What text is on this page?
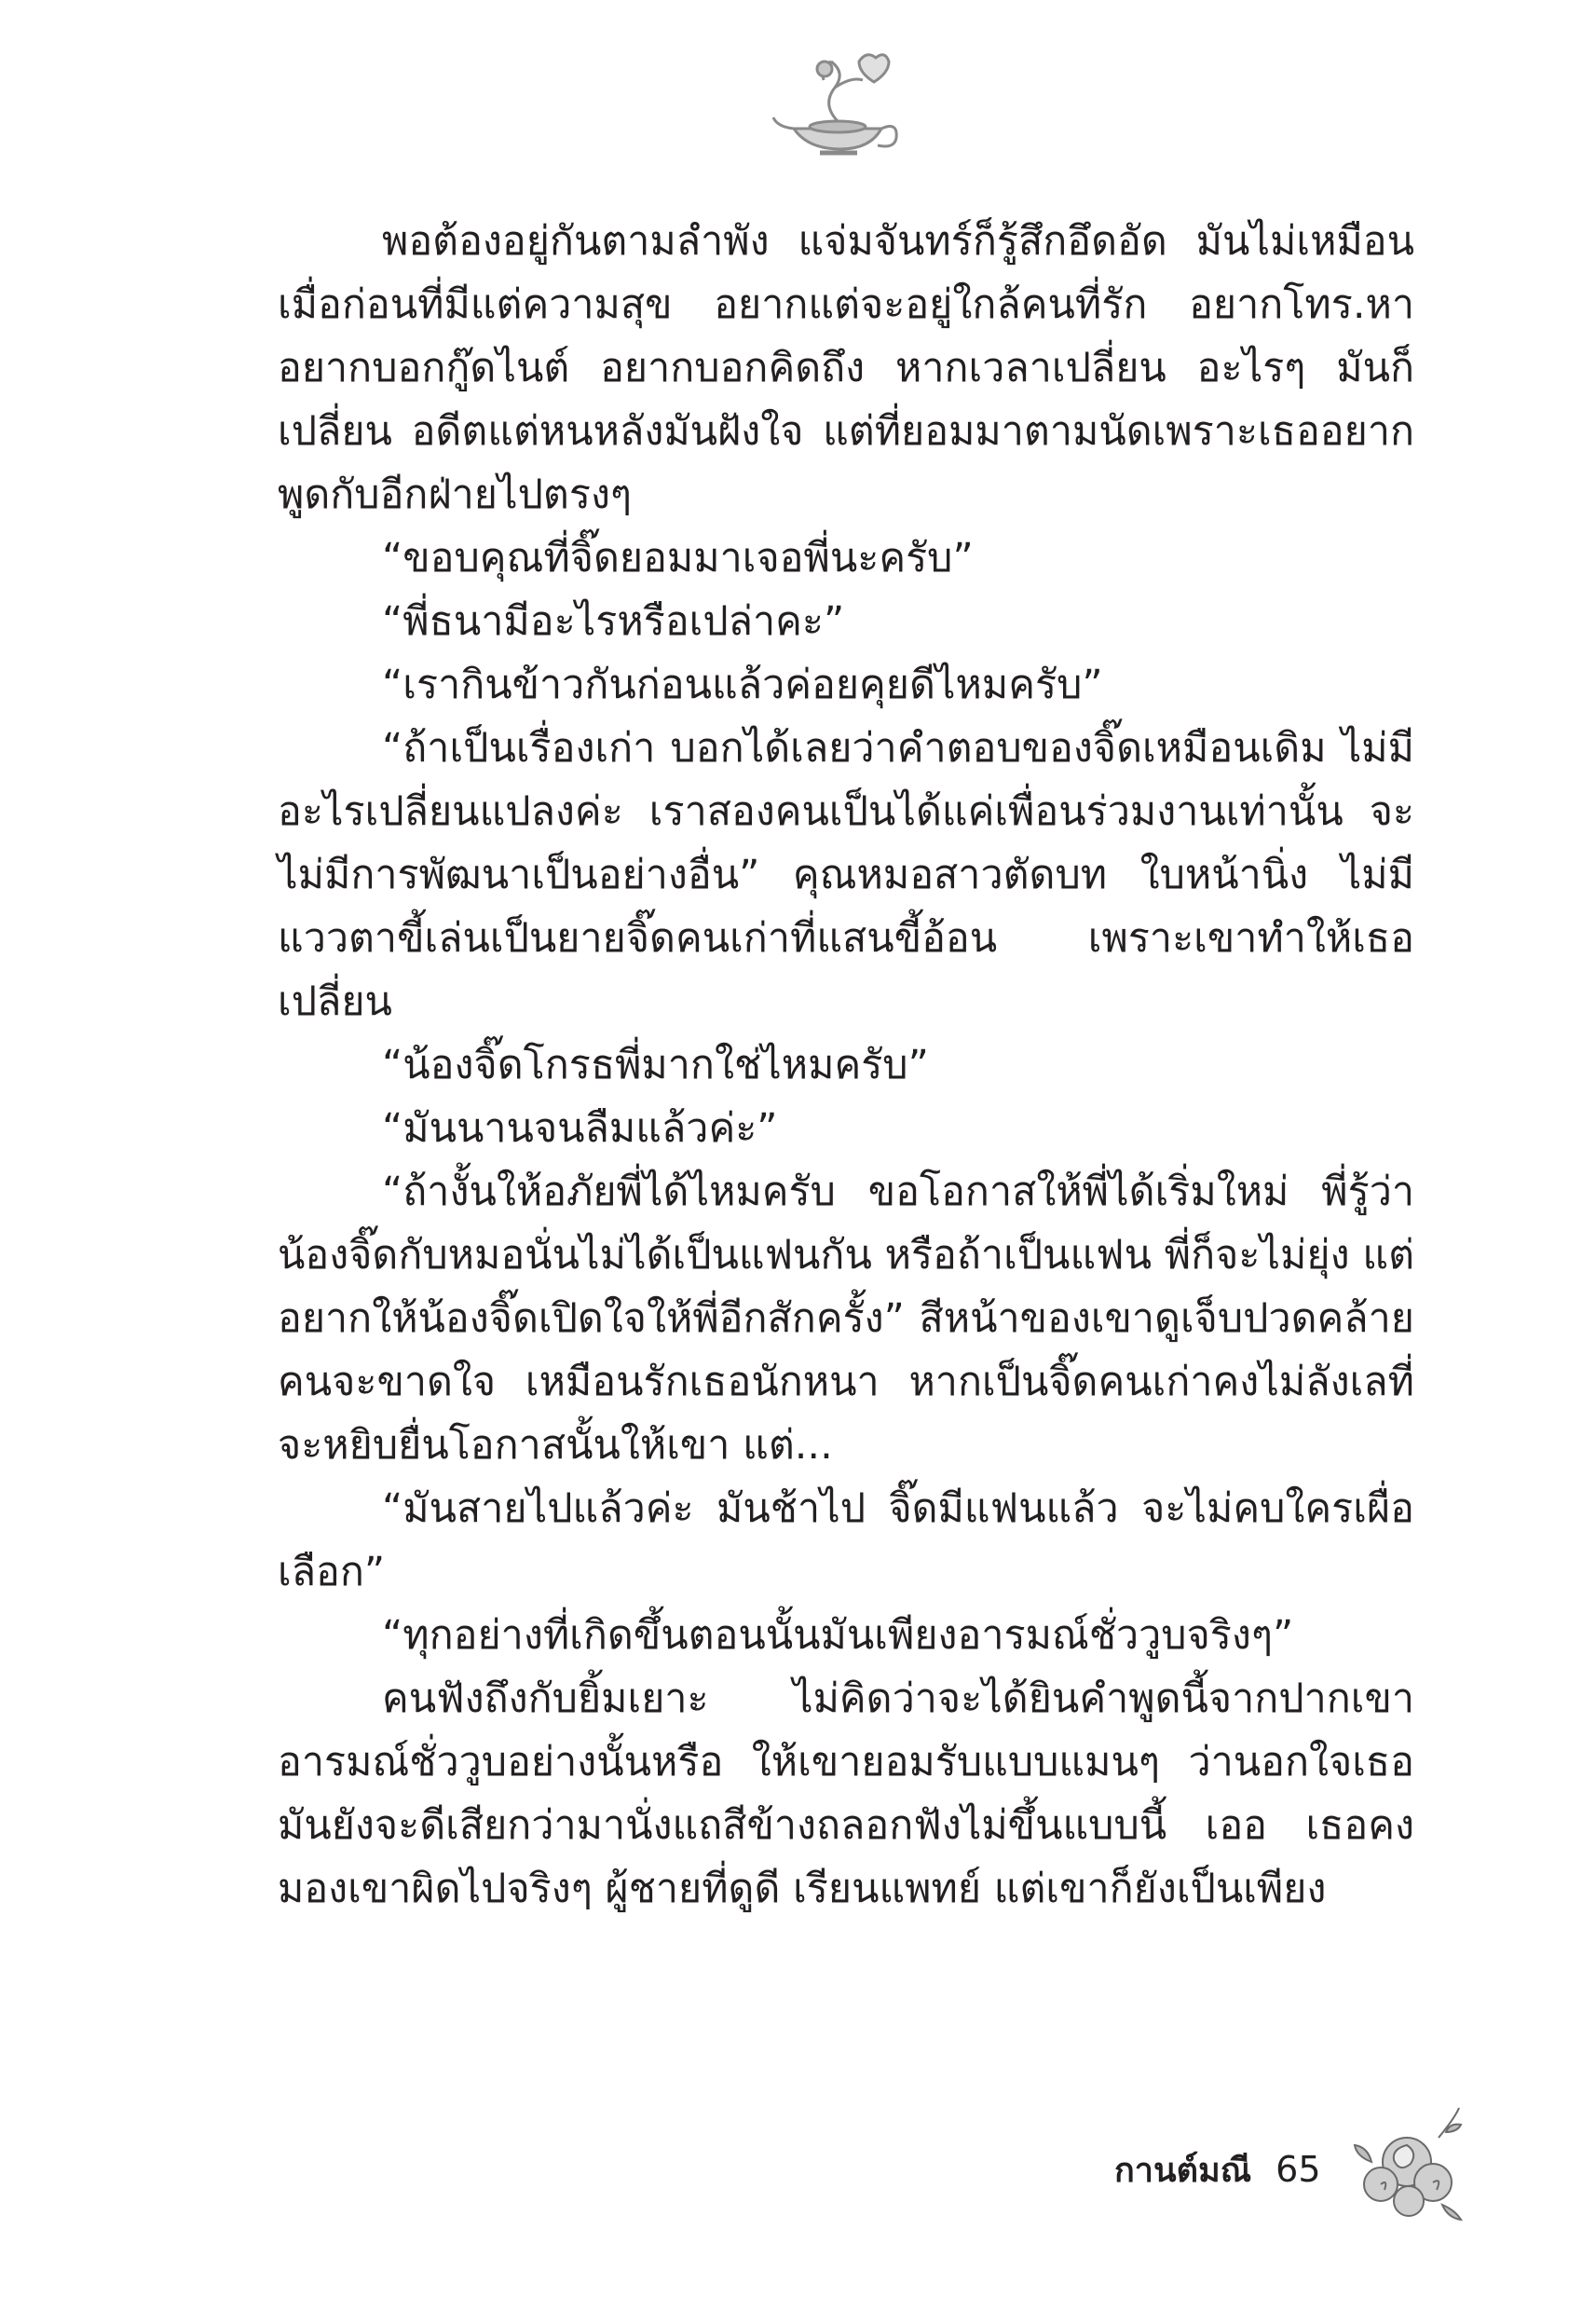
พอต้องอยู่กันตามลำพัง แจ่มจันทร์ก็รู้สึกอึดอัด มันไม่เหมือนเมื่อก่อนที่มีแต่ความสุข อยากแต่จะอยู่ใกล้คนที่รัก อยากโทร.หา อยากบอกกู๊ดไนต์ อยากบอกคิดถึง หากเวลาเปลี่ยน อะไรๆ มันก็เปลี่ยน อดีตแต่หนหลังมันฝังใจ แต่ที่ยอมมาตามนัดเพราะเธออยากพูดกับอีกฝ่ายไปตรงๆ

“ขอบคุณที่จิ๊ดยอมมาเจอพี่นะครับ”

“พี่ธนามีอะไรหรือเปล่าคะ”

“เรากินข้าวกันก่อนแล้วค่อยคุยดีไหมครับ”

“ถ้าเป็นเรื่องเก่า บอกได้เลยว่าคำตอบของจิ๊ดเหมือนเดิม ไม่มีอะไรเปลี่ยนแปลงค่ะ เราสองคนเป็นได้แค่เพื่อนร่วมงานเท่านั้น จะไม่มีการพัฒนาเป็นอย่างอื่น” คุณหมอสาวตัดบท ใบหน้านิ่ง ไม่มีแววตาขี้เล่นเป็นยายจิ๊ดคนเก่าที่แสนขี้อ้อน เพราะเขาทำให้เธอเปลี่ยน

“น้องจิ๊ดโกรธพี่มากใช่ไหมครับ”

“มันนานจนลืมแล้วค่ะ”

“ถ้างั้นให้อภัยพี่ได้ไหมครับ ขอโอกาสให้พี่ได้เริ่มใหม่ พี่รู้ว่าน้องจิ๊ดกับหมอนั่นไม่ได้เป็นแฟนกัน หรือถ้าเป็นแฟน พี่ก็จะไม่ยุ่ง แต่อยากให้น้องจิ๊ดเปิดใจให้พี่อีกสักครั้ง” สีหน้าของเขาดูเจ็บปวดคล้ายคนจะขาดใจ เหมือนรักเธอนักหนา หากเป็นจิ๊ดคนเก่าคงไม่ลังเลที่จะหยิบยื่นโอกาสนั้นให้เขา แต่...

“มันสายไปแล้วค่ะ มันช้าไป จิ๊ดมีแฟนแล้ว จะไม่คบใครเผื่อเลือก”

“ทุกอย่างที่เกิดขึ้นตอนนั้นมันเพียงอารมณ์ชั่ววูบจริงๆ”

คนฟังถึงกับยิ้มเยาะ ไม่คิดว่าจะได้ยินคำพูดนี้จากปากเขา อารมณ์ชั่ววูบอย่างนั้นหรือ ให้เขายอมรับแบบแมนๆ ว่านอกใจเธอ มันยังจะดีเสียกว่ามานั่งแถสีข้างถลอกฟังไม่ขึ้นแบบนี้ เออ เธอคงมองเขาผิดไปจริงๆ ผู้ชายที่ดูดี เรียนแพทย์ แต่เขาก็ยังเป็นเพียง

กานต์มณี 65
